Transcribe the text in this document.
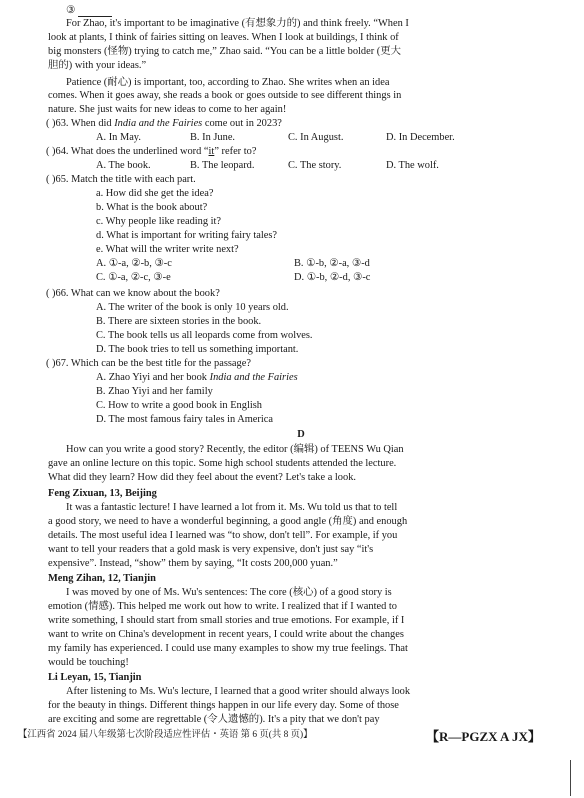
③
For Zhao, it's important to be imaginative (有想象力的) and think freely. “When I
look at plants, I think of fairies sitting on leaves. When I look at buildings, I think of
big monsters (怪物) trying to catch me,” Zhao said. “You can be a little bolder (更大
胆的) with your ideas.”
Patience (耐心) is important, too, according to Zhao. She writes when an idea
comes. When it goes away, she reads a book or goes outside to see different things in
nature. She just waits for new ideas to come to her again!
( )63. When did India and the Fairies come out in 2023?
A. In May.	B. In June.	C. In August.	D. In December.
( )64. What does the underlined word “it” refer to?
A. The book.	B. The leopard.	C. The story.	D. The wolf.
( )65. Match the title with each part.
a. How did she get the idea?
b. What is the book about?
c. Why people like reading it?
d. What is important for writing fairy tales?
e. What will the writer write next?
A. ①-a, ②-b, ③-c	B. ①-b, ②-a, ③-d
C. ①-a, ②-c, ③-e	D. ①-b, ②-d, ③-c
( )66. What can we know about the book?
A. The writer of the book is only 10 years old.
B. There are sixteen stories in the book.
C. The book tells us all leopards come from wolves.
D. The book tries to tell us something important.
( )67. Which can be the best title for the passage?
A. Zhao Yiyi and her book India and the Fairies
B. Zhao Yiyi and her family
C. How to write a good book in English
D. The most famous fairy tales in America
D
How can you write a good story? Recently, the editor (编辑) of TEENS Wu Qian
gave an online lecture on this topic. Some high school students attended the lecture.
What did they learn? How did they feel about the event? Let's take a look.
Feng Zixuan, 13, Beijing
It was a fantastic lecture! I have learned a lot from it. Ms. Wu told us that to tell
a good story, we need to have a wonderful beginning, a good angle (角度) and enough
details. The most useful idea I learned was “to show, don't tell”. For example, if you
want to tell your readers that a gold mask is very expensive, don't just say “it's
expensive”. Instead, “show” them by saying, “It costs 200,000 yuan.”
Meng Zihan, 12, Tianjin
I was moved by one of Ms. Wu's sentences: The core (核心) of a good story is
emotion (情感). This helped me work out how to write. I realized that if I wanted to
write something, I should start from small stories and true emotions. For example, if I
want to write on China's development in recent years, I could write about the changes
my family has experienced. I could use many examples to show my true feelings. That
would be touching!
Li Leyan, 15, Tianjin
After listening to Ms. Wu's lecture, I learned that a good writer should always look
for the beauty in things. Different things happen in our life every day. Some of those
are exciting and some are regrettable (令人遗憾的). It's a pity that we don't pay
【江西省 2024 届八年级第七次阶段适应性评估・英语 第 6 页(共 8 页)】	【R—PGZX A JX】
